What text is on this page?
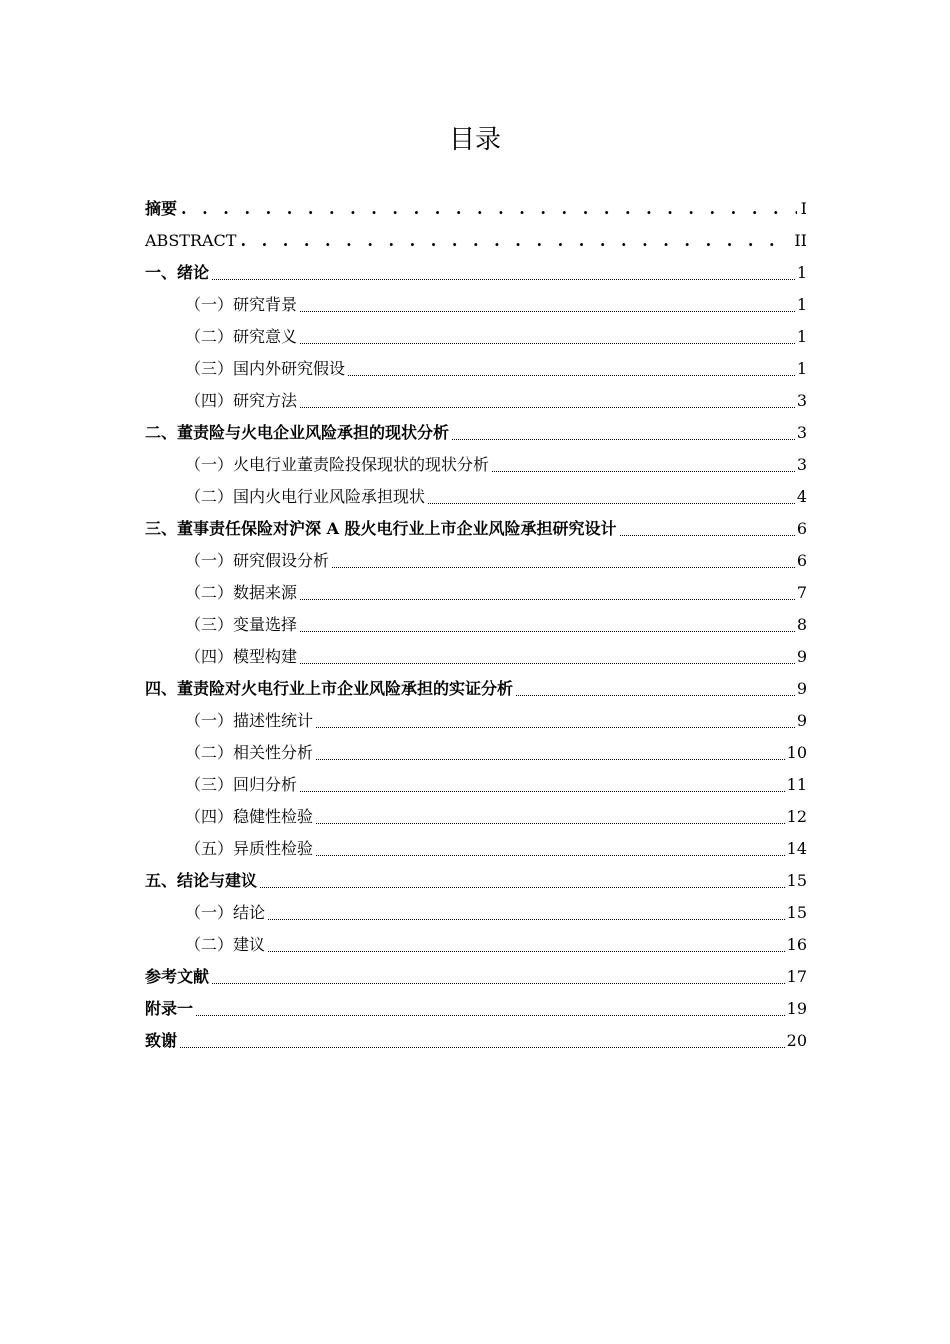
目录
摘要 . . .	I
ABSTRACT . . .	II
一、绪论	1
（一）研究背景	1
（二）研究意义	1
（三）国内外研究假设	1
（四）研究方法	3
二、董责险与火电企业风险承担的现状分析	3
（一）火电行业董责险投保现状的现状分析	3
（二）国内火电行业风险承担现状	4
三、董事责任保险对沪深 A 股火电行业上市企业风险承担研究设计	6
（一）研究假设分析	6
（二）数据来源	7
（三）变量选择	8
（四）模型构建	9
四、董责险对火电行业上市企业风险承担的实证分析	9
（一）描述性统计	9
（二）相关性分析	10
（三）回归分析	11
（四）稳健性检验	12
（五）异质性检验	14
五、结论与建议	15
（一）结论	15
（二）建议	16
参考文献	17
附录一	19
致谢	20
